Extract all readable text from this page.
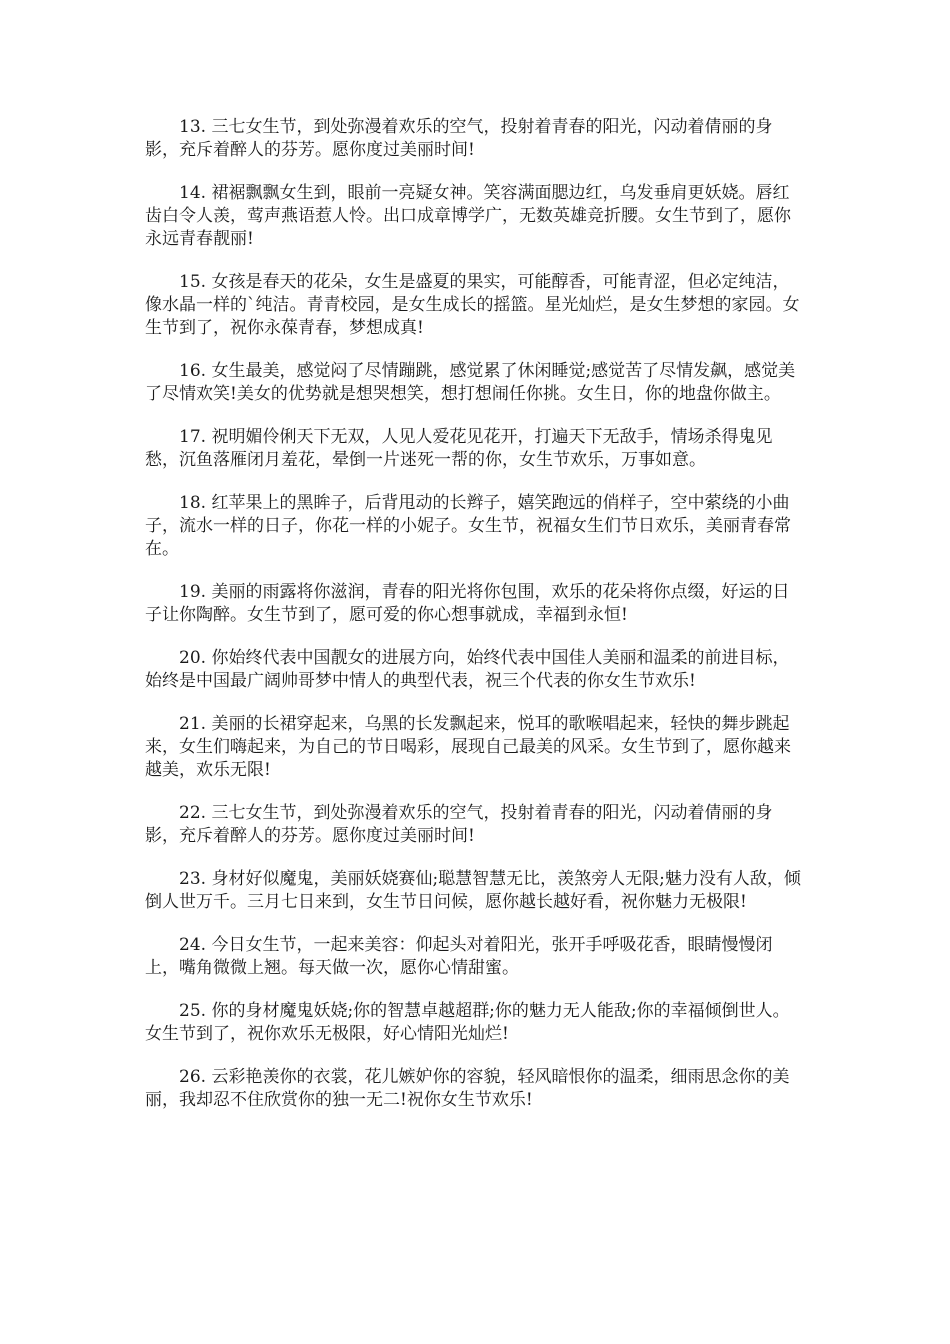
13. 三七女生节，到处弥漫着欢乐的空气，投射着青春的阳光，闪动着倩丽的身影，充斥着醉人的芬芳。愿你度过美丽时间!

14. 裙裾飘飘女生到，眼前一亮疑女神。笑容满面腮边红，乌发垂肩更妖娆。唇红齿白令人羡，莺声燕语惹人怜。出口成章博学广，无数英雄竞折腰。女生节到了，愿你永远青春靓丽!

15. 女孩是春天的花朵，女生是盛夏的果实，可能醇香，可能青涩，但必定纯洁，像水晶一样的`纯洁。青青校园，是女生成长的摇篮。星光灿烂，是女生梦想的家园。女生节到了，祝你永葆青春，梦想成真!

16. 女生最美，感觉闷了尽情蹦跳，感觉累了休闲睡觉;感觉苦了尽情发飙，感觉美了尽情欢笑!美女的优势就是想哭想笑，想打想闹任你挑。女生日，你的地盘你做主。

17. 祝明媚伶俐天下无双，人见人爱花见花开，打遍天下无敌手，情场杀得鬼见愁，沉鱼落雁闭月羞花，晕倒一片迷死一帮的你，女生节欢乐，万事如意。

18. 红苹果上的黑眸子，后背甩动的长辫子，嬉笑跑远的俏样子，空中萦绕的小曲子，流水一样的日子，你花一样的小妮子。女生节，祝福女生们节日欢乐，美丽青春常在。

19. 美丽的雨露将你滋润，青春的阳光将你包围，欢乐的花朵将你点缀，好运的日子让你陶醉。女生节到了，愿可爱的你心想事就成，幸福到永恒!

20. 你始终代表中国靓女的进展方向，始终代表中国佳人美丽和温柔的前进目标，始终是中国最广阔帅哥梦中情人的典型代表，祝三个代表的你女生节欢乐!

21. 美丽的长裙穿起来，乌黑的长发飘起来，悦耳的歌喉唱起来，轻快的舞步跳起来，女生们嗨起来，为自己的节日喝彩，展现自己最美的风采。女生节到了，愿你越来越美，欢乐无限!

22. 三七女生节，到处弥漫着欢乐的空气，投射着青春的阳光，闪动着倩丽的身影，充斥着醉人的芬芳。愿你度过美丽时间!

23. 身材好似魔鬼，美丽妖娆赛仙;聪慧智慧无比，羡煞旁人无限;魅力没有人敌，倾倒人世万千。三月七日来到，女生节日问候，愿你越长越好看，祝你魅力无极限!

24. 今日女生节，一起来美容：仰起头对着阳光，张开手呼吸花香，眼睛慢慢闭上，嘴角微微上翘。每天做一次，愿你心情甜蜜。

25. 你的身材魔鬼妖娆;你的智慧卓越超群;你的魅力无人能敌;你的幸福倾倒世人。女生节到了，祝你欢乐无极限，好心情阳光灿烂!

26. 云彩艳羡你的衣裳，花儿嫉妒你的容貌，轻风暗恨你的温柔，细雨思念你的美丽，我却忍不住欣赏你的独一无二!祝你女生节欢乐!
